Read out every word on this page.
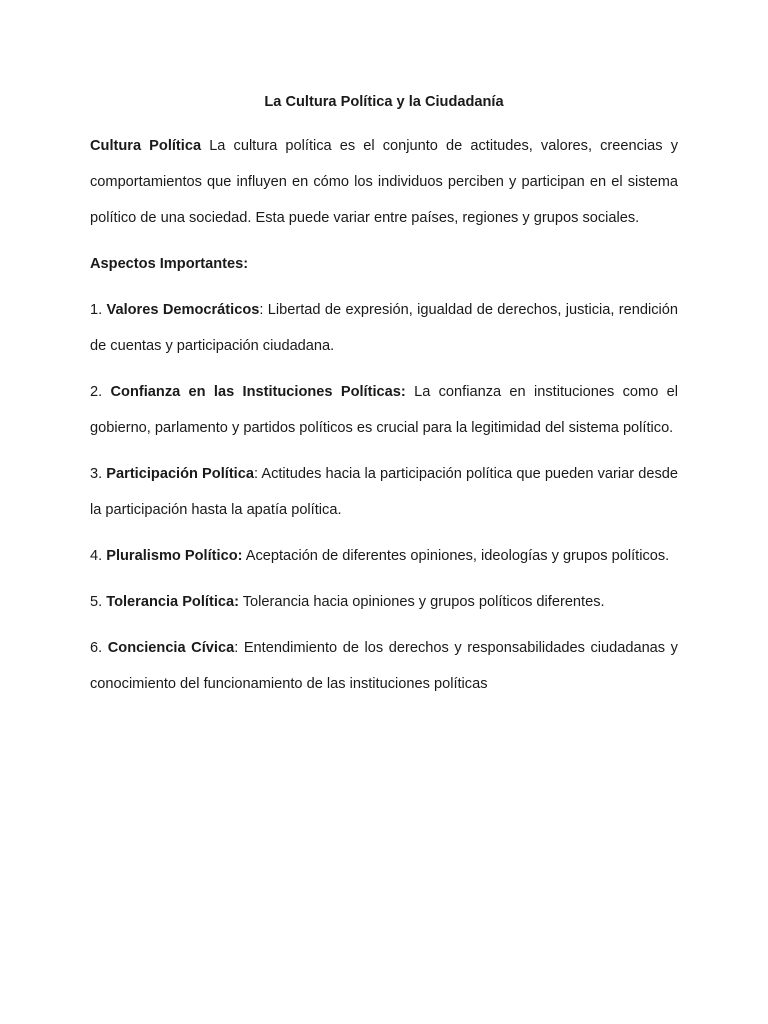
La Cultura Política y la Ciudadanía

Cultura Política La cultura política es el conjunto de actitudes, valores, creencias y comportamientos que influyen en cómo los individuos perciben y participan en el sistema político de una sociedad. Esta puede variar entre países, regiones y grupos sociales.

Aspectos Importantes:

1. Valores Democráticos: Libertad de expresión, igualdad de derechos, justicia, rendición de cuentas y participación ciudadana.

2. Confianza en las Instituciones Políticas: La confianza en instituciones como el gobierno, parlamento y partidos políticos es crucial para la legitimidad del sistema político.

3. Participación Política: Actitudes hacia la participación política que pueden variar desde la participación hasta la apatía política.

4. Pluralismo Político: Aceptación de diferentes opiniones, ideologías y grupos políticos.

5. Tolerancia Política: Tolerancia hacia opiniones y grupos políticos diferentes.

6. Conciencia Cívica: Entendimiento de los derechos y responsabilidades ciudadanas y conocimiento del funcionamiento de las instituciones políticas
